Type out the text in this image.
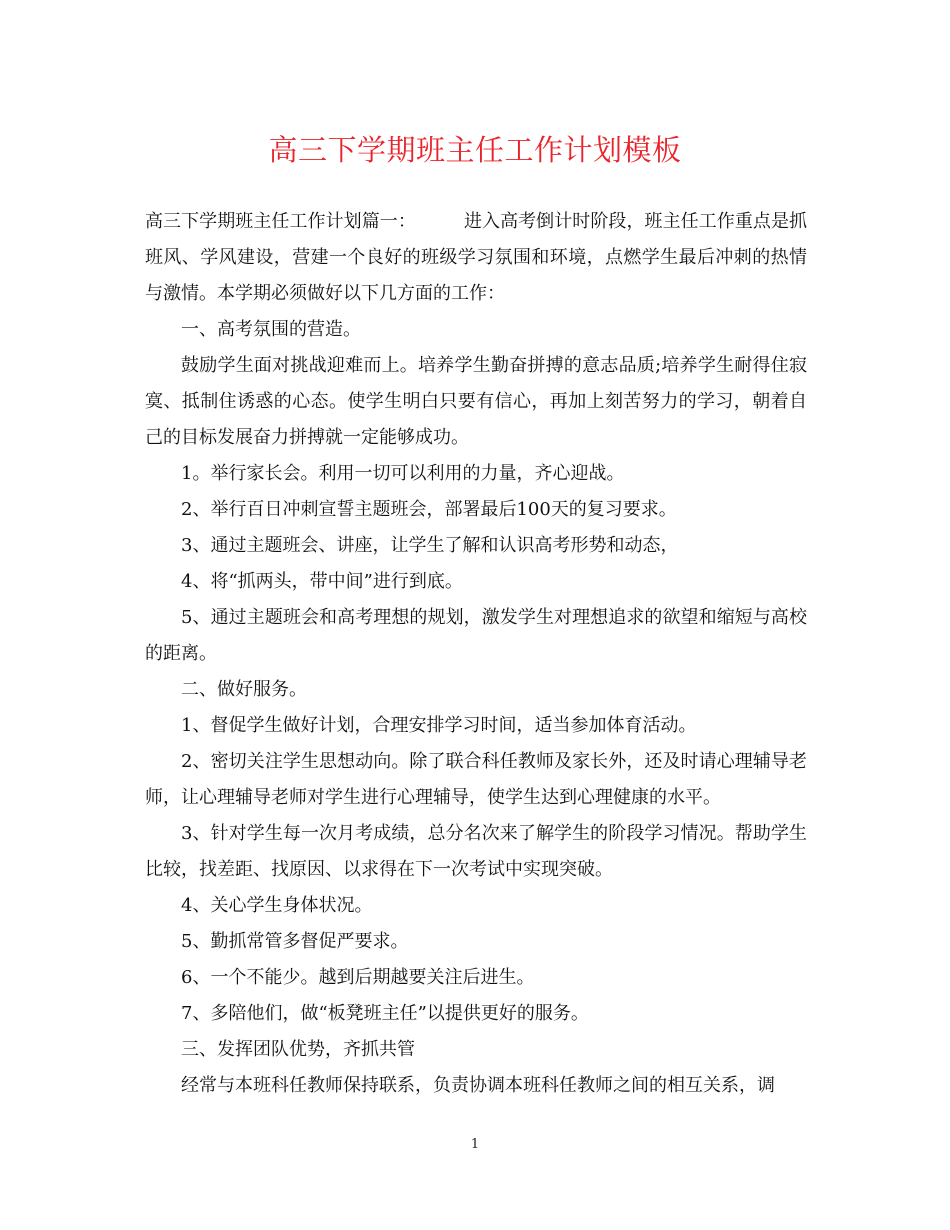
高三下学期班主任工作计划模板

高三下学期班主任工作计划篇一：	进入高考倒计时阶段，班主任工作重点是抓班风、学风建设，营建一个良好的班级学习氛围和环境，点燃学生最后冲刺的热情与激情。本学期必须做好以下几方面的工作：

一、高考氛围的营造。

鼓励学生面对挑战迎难而上。培养学生勤奋拼搏的意志品质;培养学生耐得住寂寞、抵制住诱惑的心态。使学生明白只要有信心，再加上刻苦努力的学习，朝着自己的目标发展奋力拼搏就一定能够成功。

1。举行家长会。利用一切可以利用的力量，齐心迎战。

2、举行百日冲刺宣誓主题班会，部署最后100天的复习要求。

3、通过主题班会、讲座，让学生了解和认识高考形势和动态，

4、将“抓两头，带中间”进行到底。

5、通过主题班会和高考理想的规划，激发学生对理想追求的欲望和缩短与高校的距离。

二、做好服务。

1、督促学生做好计划，合理安排学习时间，适当参加体育活动。

2、密切关注学生思想动向。除了联合科任教师及家长外，还及时请心理辅导老师，让心理辅导老师对学生进行心理辅导，使学生达到心理健康的水平。

3、针对学生每一次月考成绩，总分名次来了解学生的阶段学习情况。帮助学生比较，找差距、找原因、以求得在下一次考试中实现突破。

4、关心学生身体状况。

5、勤抓常管多督促严要求。

6、一个不能少。越到后期越要关注后进生。

7、多陪他们，做“板凳班主任”以提供更好的服务。

三、发挥团队优势，齐抓共管

经常与本班科任教师保持联系，负责协调本班科任教师之间的相互关系，调

1
